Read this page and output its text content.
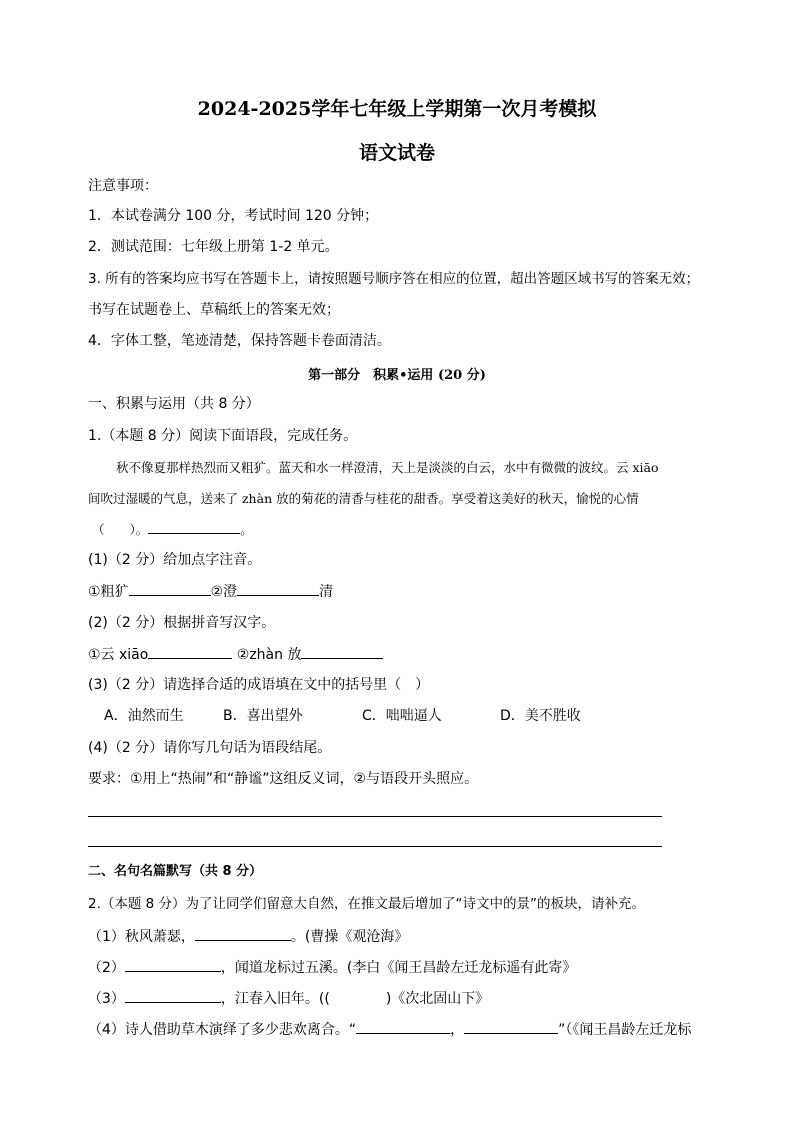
2024-2025学年七年级上学期第一次月考模拟
语文试卷
注意事项：
1．本试卷满分 100 分，考试时间 120 分钟；
2．测试范围：七年级上册第 1-2 单元。
3. 所有的答案均应书写在答题卡上，请按照题号顺序答在相应的位置，超出答题区域书写的答案无效；
书写在试题卷上、草稿纸上的答案无效；
4．字体工整，笔迹清楚，保持答题卡卷面清洁。
第一部分　积累•运用 (20 分)
一、积累与运用（共 8 分）
1.（本题 8 分）阅读下面语段，完成任务。
秋不像夏那样热烈而又粗犷。蓝天和水一样澄清，天上是淡淡的白云，水中有微微的波纹。云 xiāo
间吹过湿暖的气息，送来了 zhàn 放的菊花的清香与桂花的甜香。享受着这美好的秋天，愉悦的心情
（　　）。	。
(1)（2 分）给加点字注音。
①粗犷	②澄	清
(2)（2 分）根据拼音写汉字。
①云 xiāo	②zhàn 放
(3)（2 分）请选择合适的成语填在文中的括号里（　）
A．油然而生	B．喜出望外	C．咄咄逼人	D．美不胜收
(4)（2 分）请你写几句话为语段结尾。
要求：①用上“热闹”和“静谧”这组反义词，②与语段开头照应。
二、名句名篇默写（共 8 分）
2.（本题 8 分）为了让同学们留意大自然，在推文最后增加了“诗文中的景”的板块，请补充。
（1）秋风萧瑟，	。(曹操《观沧海》
（2）	，闻道龙标过五溪。(李白《闻王昌龄左迁龙标遥有此寄》
（3）	，江春入旧年。((　　　　)《次北固山下》
（4）诗人借助草木演绎了多少悲欢离合。“	，	”（《闻王昌龄左迁龙标
